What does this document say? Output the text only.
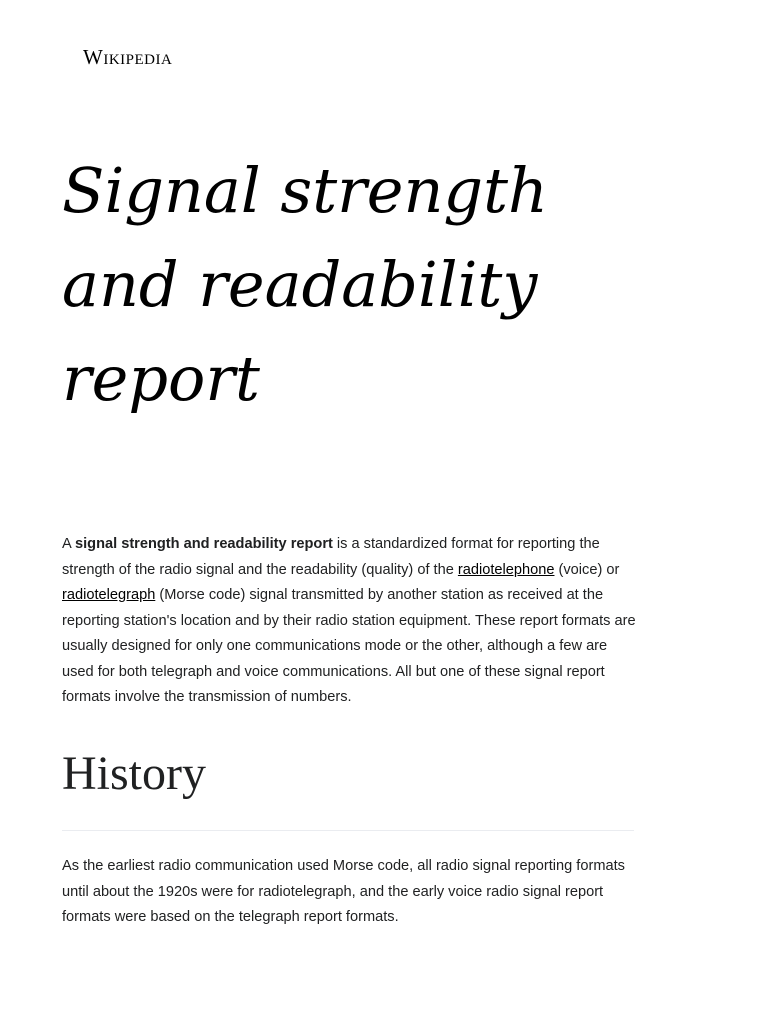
Wikipedia
Signal strength and readability report

A signal strength and readability report is a standardized format for reporting the strength of the radio signal and the readability (quality) of the radiotelephone (voice) or radiotelegraph (Morse code) signal transmitted by another station as received at the reporting station's location and by their radio station equipment. These report formats are usually designed for only one communications mode or the other, although a few are used for both telegraph and voice communications. All but one of these signal report formats involve the transmission of numbers.

History

As the earliest radio communication used Morse code, all radio signal reporting formats until about the 1920s were for radiotelegraph, and the early voice radio signal report formats were based on the telegraph report formats.
